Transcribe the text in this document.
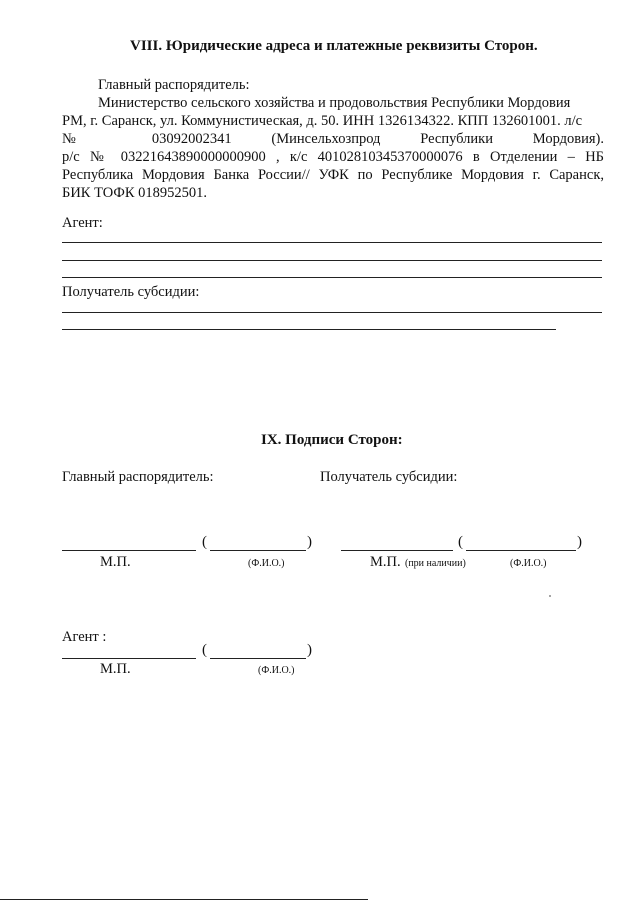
VIII. Юридические адреса и платежные реквизиты Сторон.
Главный распорядитель:
Министерство сельского хозяйства и продовольствия Республики Мордовия
РМ, г. Саранск, ул. Коммунистическая, д. 50. ИНН 1326134322. КПП 132601001. л/с
№ 03092002341 (Минсельхозпрод Республики Мордовия).
р/с № 03221643890000000900 , к/с 40102810345370000076 в Отделении – НБ
Республика Мордовия Банка России// УФК по Республике Мордовия г. Саранск,
БИК ТОФК 018952501.
Агент:
Получатель субсидии:
IX. Подписи Сторон:
Главный распорядитель:	Получатель субсидии:
(	)
М.П.	(Ф.И.О.)
(	)
М.П. (при наличии)	(Ф.И.О.)
Агент :
(	)
М.П.	(Ф.И.О.)
